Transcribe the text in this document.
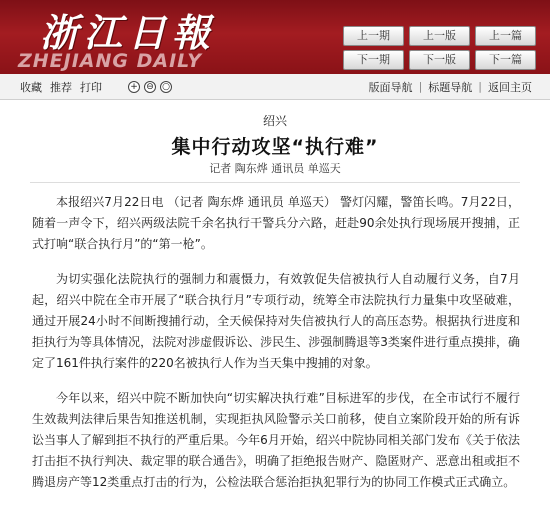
浙江日報
ZHEJIANG DAILY
上一期	上一版	上一篇
下一期	下一版	下一篇
收藏 推荐 打印	+ ⊖ ○	版面导航 | 标题导航 | 返回主页
绍兴
集中行动攻坚“执行难”
记者 陶东烨 通讯员 单巡天

本报绍兴7月22日电 （记者 陶东烨 通讯员 单巡天） 警灯闪耀，警笛长鸣。7月22日，随着一声令下，绍兴两级法院千余名执行干警兵分六路，赶赴90余处执行现场展开搜捕，正式打响“联合执行月”的“第一枪”。

为切实强化法院执行的强制力和震慑力，有效敦促失信被执行人自动履行义务，自7月起，绍兴中院在全市开展了“联合执行月”专项行动，统筹全市法院执行力量集中攻坚破难，通过开展24小时不间断搜捕行动，全天候保持对失信被执行人的高压态势。根据执行进度和拒执行为等具体情况，法院对涉虚假诉讼、涉民生、涉强制腾退等3类案件进行重点摸排，确定了161件执行案件的220名被执行人作为当天集中搜捕的对象。

今年以来，绍兴中院不断加快向“切实解决执行难”目标进军的步伐，在全市试行不履行生效裁判法律后果告知推送机制，实现拒执风险警示关口前移，使自立案阶段开始的所有诉讼当事人了解到拒不执行的严重后果。今年6月开始，绍兴中院协同相关部门发布《关于依法打击拒不执行判决、裁定罪的联合通告》，明确了拒绝报告财产、隐匿财产、恶意出租或拒不腾退房产等12类重点打击的行为，公检法联合惩治拒执犯罪行为的协同工作模式正式确立。
